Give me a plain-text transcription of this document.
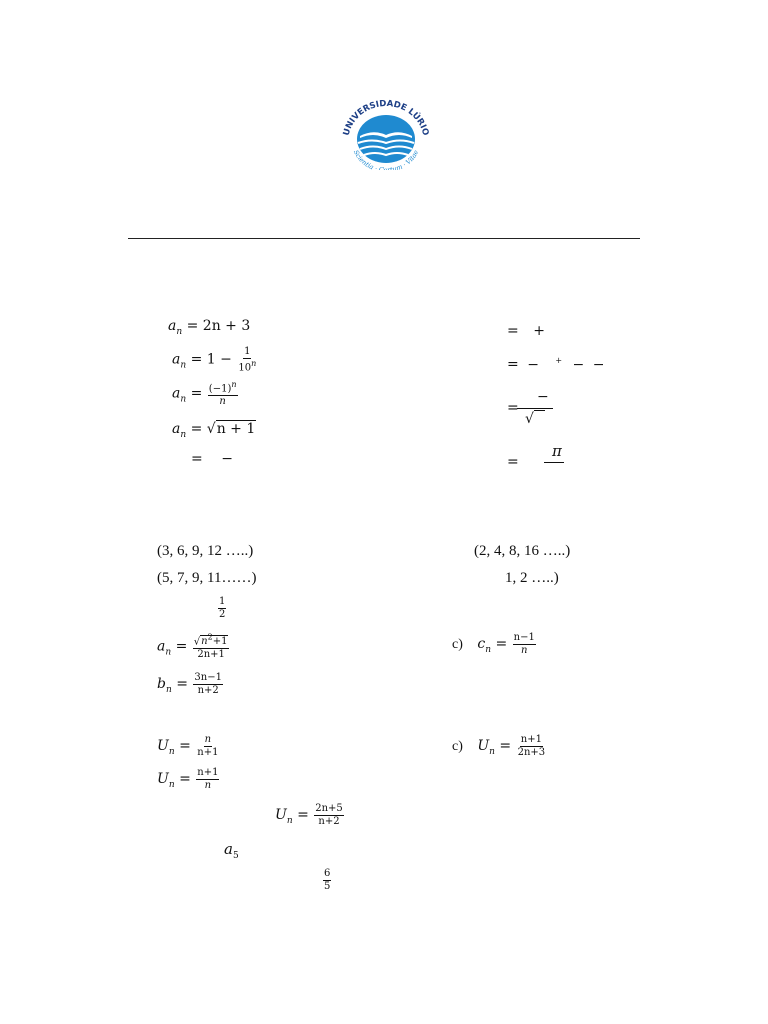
UNIVERSIDADE LÚRIO
Scientia · Certum · Vitae
$a_n = 2n + 3$
$a_n = 1 - \frac{1}{10^n}$
$a_n = \frac{(-1)^n}{n}$
$a_n = √n + 1$
= −
= +
= − + − −
=
−
√
=
π
(3, 6, 9, 12 …..)	(2, 4, 8, 16 …..)
(5, 7, 9, 11……)	1, 2 …..)
$\frac{1}{2}$
$a_n = \frac{√n^2+1}{2n+1}$
$b_n = \frac{3n-1}{n+2}$
c) $c_n = \frac{n-1}{n}$
$U_n = \frac{n}{n+1}$
$U_n = \frac{n+1}{n}$
c) $U_n = \frac{n+1}{2n+3}$
$U_n = \frac{2n+5}{n+2}$
$a_5$
$\frac{6}{5}$
